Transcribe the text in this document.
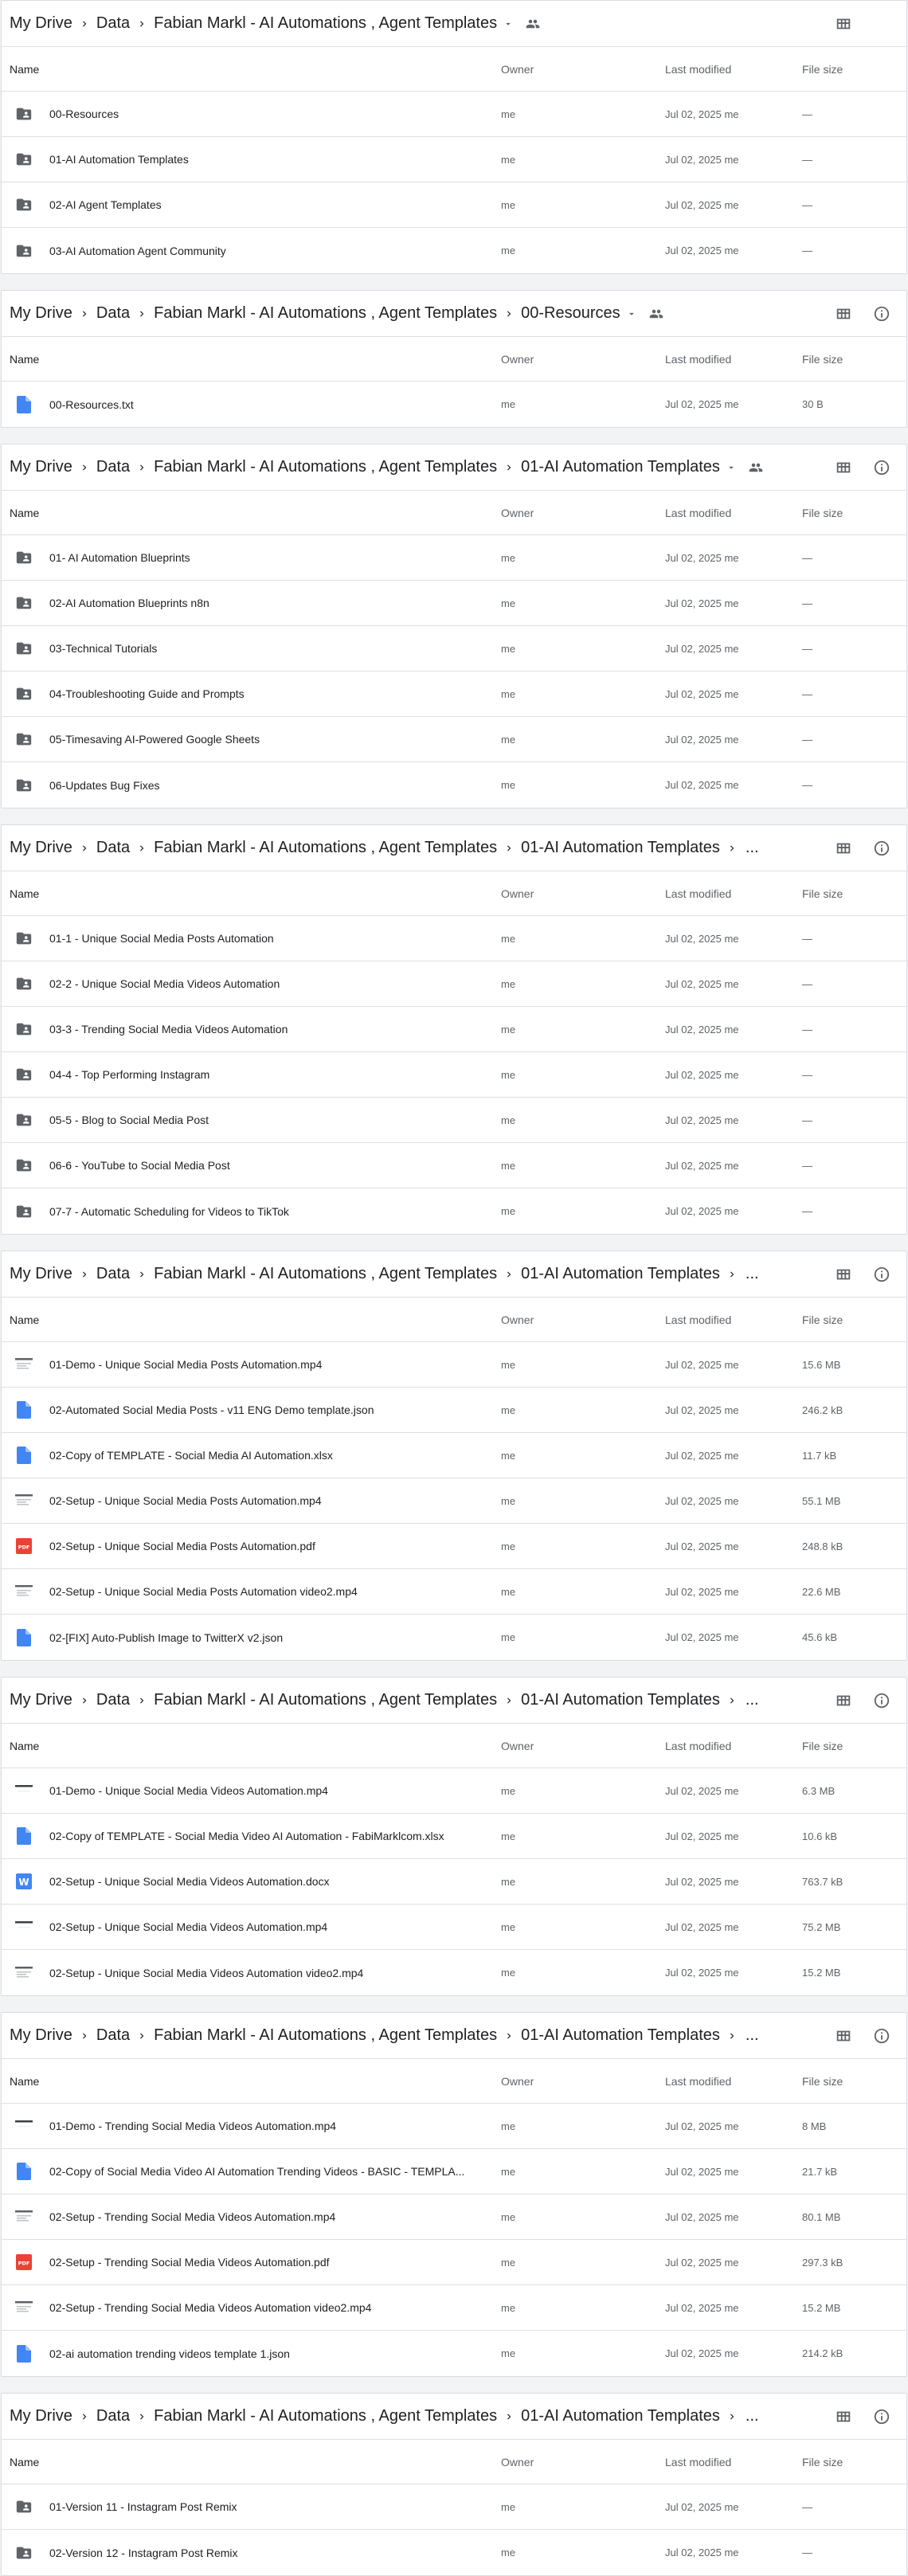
My Drive Data Fabian Markl - AI Automations , Agent Templates
Name	Owner	Last modified	File size
00-Resources	me	Jul 02, 2025 me	—
01-AI Automation Templates	me	Jul 02, 2025 me	—
02-AI Agent Templates	me	Jul 02, 2025 me	—
03-AI Automation Agent Community	me	Jul 02, 2025 me	—
My Drive Data Fabian Markl - AI Automations , Agent Templates 00-Resources
Name	Owner	Last modified	File size
00-Resources.txt	me	Jul 02, 2025 me	30 B
My Drive Data Fabian Markl - AI Automations , Agent Templates 01-AI Automation Templates
Name	Owner	Last modified	File size
01- AI Automation Blueprints	me	Jul 02, 2025 me	—
02-AI Automation Blueprints n8n	me	Jul 02, 2025 me	—
03-Technical Tutorials	me	Jul 02, 2025 me	—
04-Troubleshooting Guide and Prompts	me	Jul 02, 2025 me	—
05-Timesaving AI-Powered Google Sheets	me	Jul 02, 2025 me	—
06-Updates Bug Fixes	me	Jul 02, 2025 me	—
My Drive Data Fabian Markl - AI Automations , Agent Templates 01-AI Automation Templates ...
Name	Owner	Last modified	File size
01-1 - Unique Social Media Posts Automation	me	Jul 02, 2025 me	—
02-2 - Unique Social Media Videos Automation	me	Jul 02, 2025 me	—
03-3 - Trending Social Media Videos Automation	me	Jul 02, 2025 me	—
04-4 - Top Performing Instagram	me	Jul 02, 2025 me	—
05-5 - Blog to Social Media Post	me	Jul 02, 2025 me	—
06-6 - YouTube to Social Media Post	me	Jul 02, 2025 me	—
07-7 - Automatic Scheduling for Videos to TikTok	me	Jul 02, 2025 me	—
My Drive Data Fabian Markl - AI Automations , Agent Templates 01-AI Automation Templates ...
Name	Owner	Last modified	File size
01-Demo - Unique Social Media Posts Automation.mp4	me	Jul 02, 2025 me	15.6 MB
02-Automated Social Media Posts - v11 ENG Demo template.json	me	Jul 02, 2025 me	246.2 kB
02-Copy of TEMPLATE - Social Media AI Automation.xlsx	me	Jul 02, 2025 me	11.7 kB
02-Setup - Unique Social Media Posts Automation.mp4	me	Jul 02, 2025 me	55.1 MB
PDF 02-Setup - Unique Social Media Posts Automation.pdf	me	Jul 02, 2025 me	248.8 kB
02-Setup - Unique Social Media Posts Automation video2.mp4	me	Jul 02, 2025 me	22.6 MB
02-[FIX] Auto-Publish Image to TwitterX v2.json	me	Jul 02, 2025 me	45.6 kB
My Drive Data Fabian Markl - AI Automations , Agent Templates 01-AI Automation Templates ...
Name	Owner	Last modified	File size
01-Demo - Unique Social Media Videos Automation.mp4	me	Jul 02, 2025 me	6.3 MB
02-Copy of TEMPLATE - Social Media Video AI Automation - FabiMarklcom.xlsx	me	Jul 02, 2025 me	10.6 kB
W 02-Setup - Unique Social Media Videos Automation.docx	me	Jul 02, 2025 me	763.7 kB
02-Setup - Unique Social Media Videos Automation.mp4	me	Jul 02, 2025 me	75.2 MB
02-Setup - Unique Social Media Videos Automation video2.mp4	me	Jul 02, 2025 me	15.2 MB
My Drive Data Fabian Markl - AI Automations , Agent Templates 01-AI Automation Templates ...
Name	Owner	Last modified	File size
01-Demo - Trending Social Media Videos Automation.mp4	me	Jul 02, 2025 me	8 MB
02-Copy of Social Media Video AI Automation Trending Videos - BASIC - TEMPLA...	me	Jul 02, 2025 me	21.7 kB
02-Setup - Trending Social Media Videos Automation.mp4	me	Jul 02, 2025 me	80.1 MB
PDF 02-Setup - Trending Social Media Videos Automation.pdf	me	Jul 02, 2025 me	297.3 kB
02-Setup - Trending Social Media Videos Automation video2.mp4	me	Jul 02, 2025 me	15.2 MB
02-ai automation trending videos template 1.json	me	Jul 02, 2025 me	214.2 kB
My Drive Data Fabian Markl - AI Automations , Agent Templates 01-AI Automation Templates ...
Name	Owner	Last modified	File size
01-Version 11 - Instagram Post Remix	me	Jul 02, 2025 me	—
02-Version 12 - Instagram Post Remix	me	Jul 02, 2025 me	—
